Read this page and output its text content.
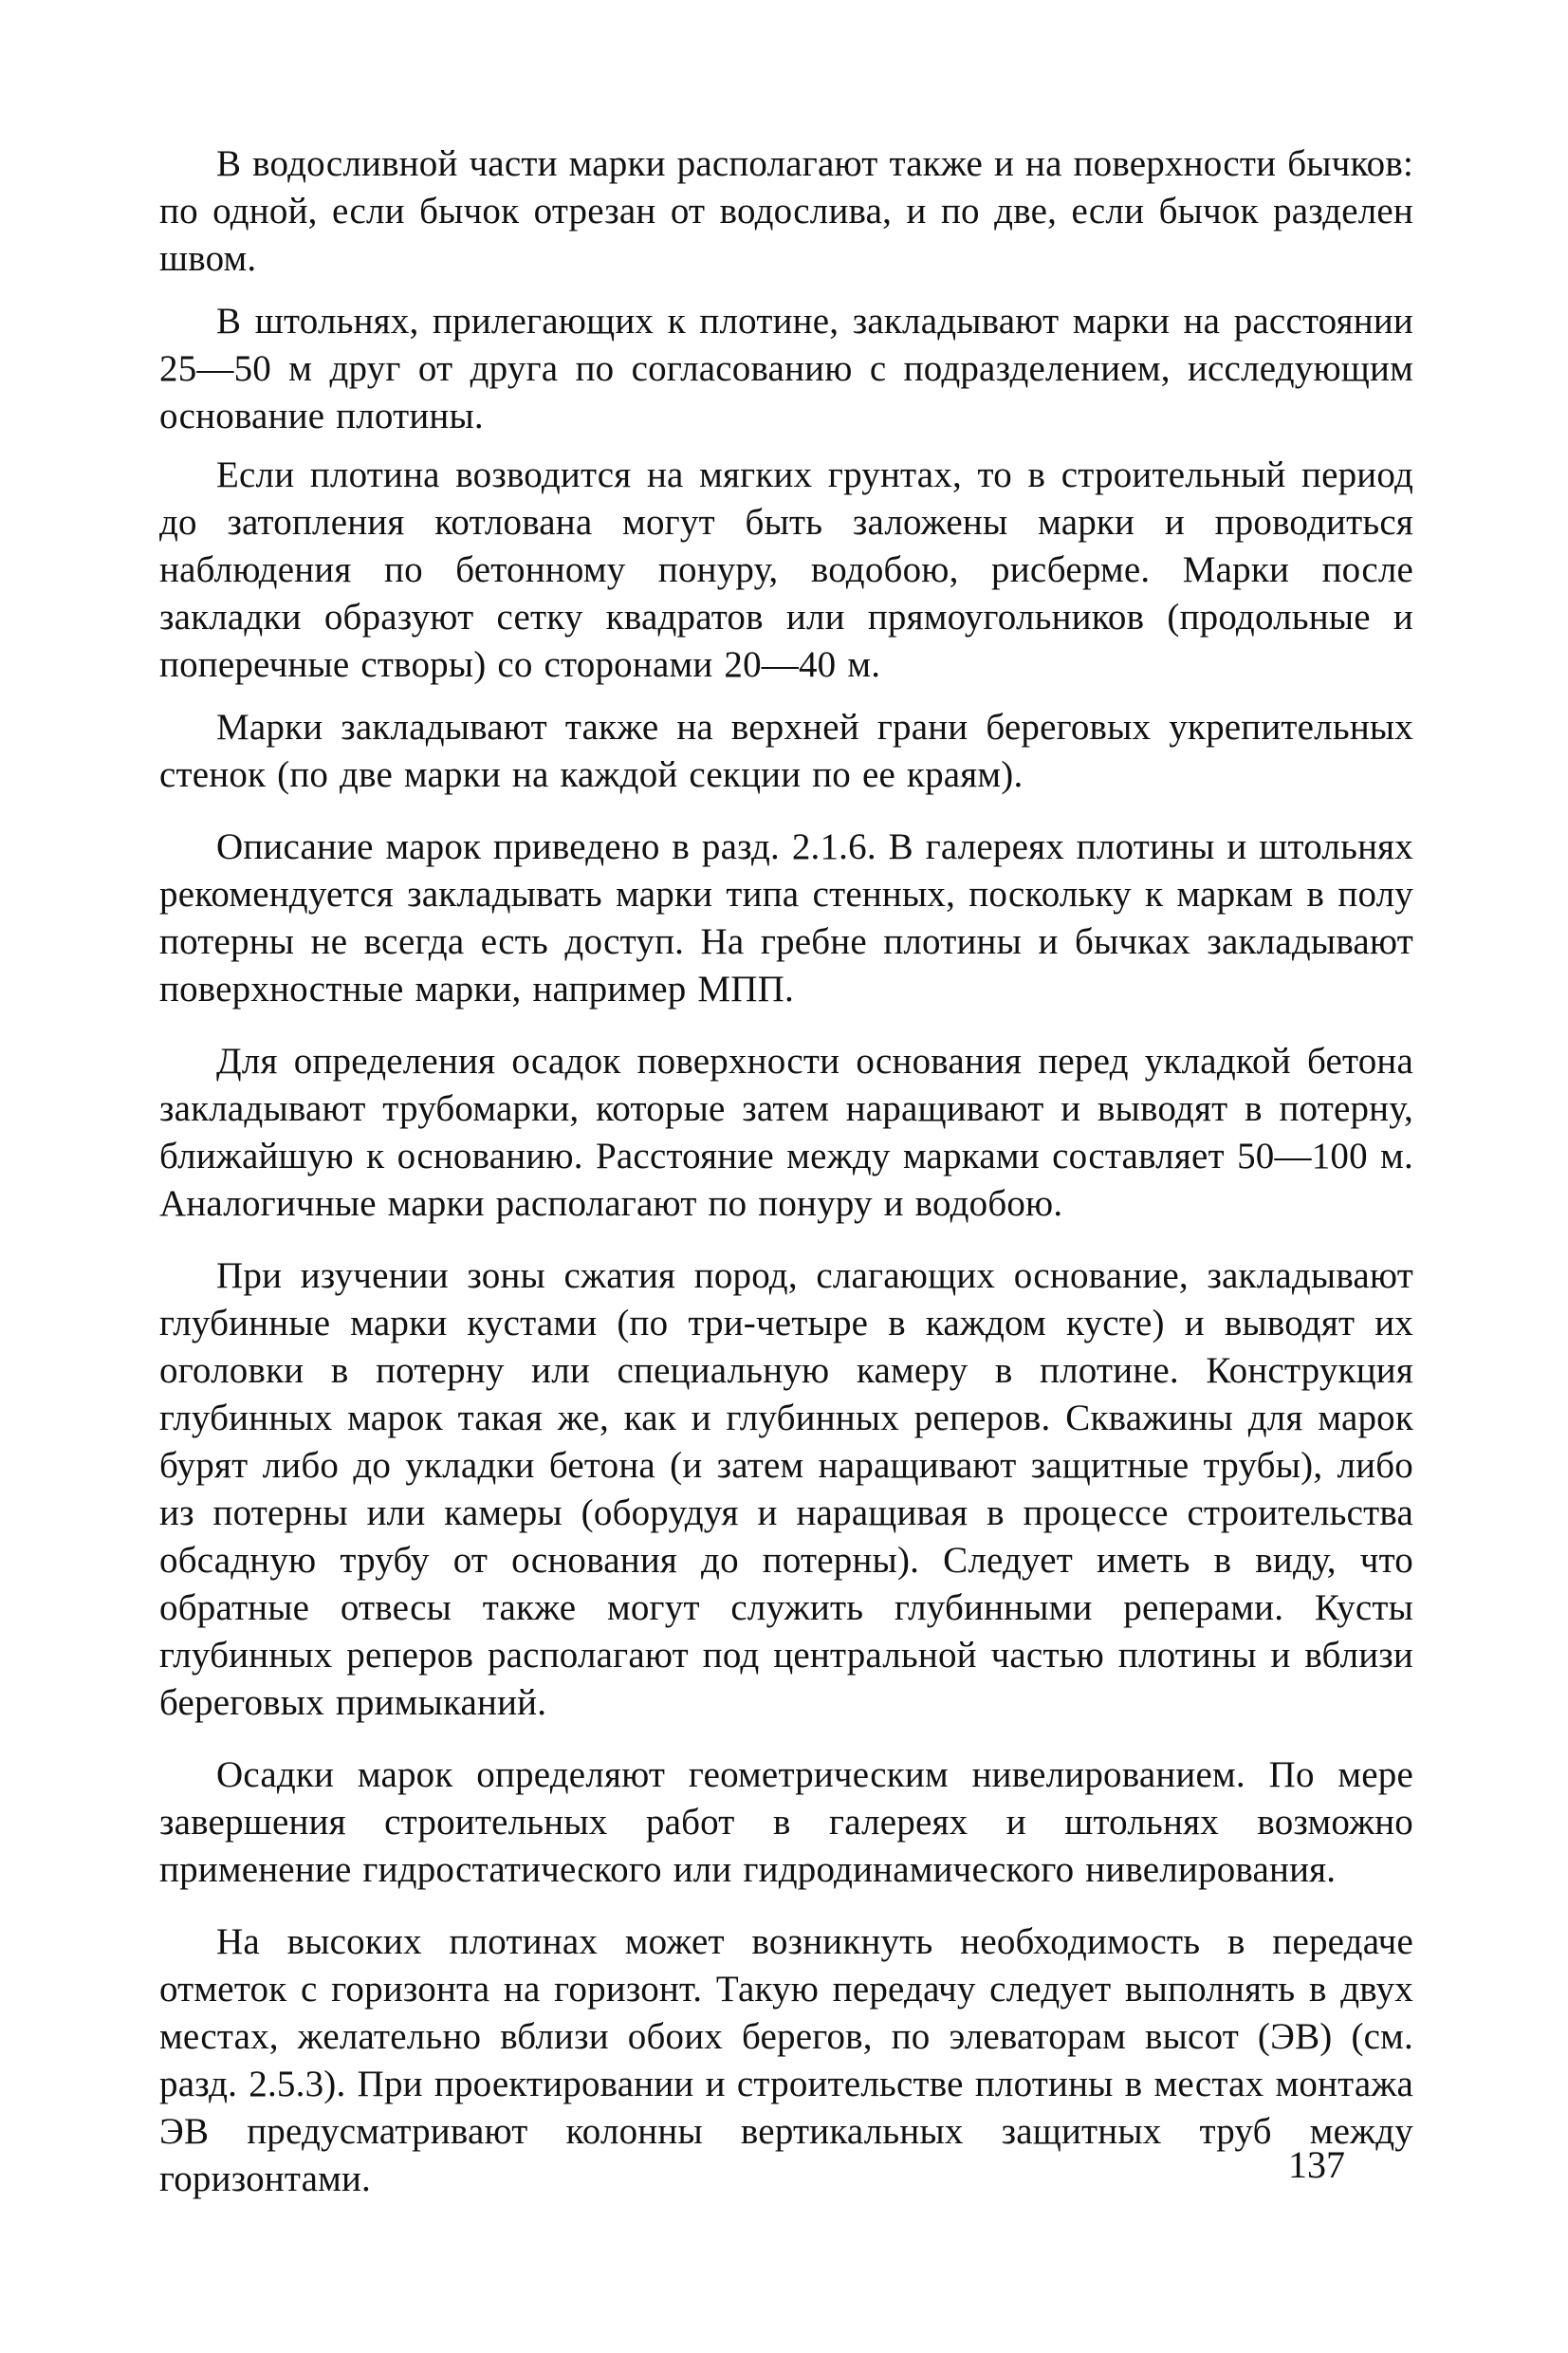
В водосливной части марки располагают также и на поверхности бычков: по одной, если бычок отрезан от водослива, и по две, если бычок разделен швом.

В штольнях, прилегающих к плотине, закладывают марки на расстоянии 25—50 м друг от друга по согласованию с подразделением, исследующим основание плотины.

Если плотина возводится на мягких грунтах, то в строительный период до затопления котлована могут быть заложены марки и проводиться наблюдения по бетонному понуру, водобою, рисберме. Марки после закладки образуют сетку квадратов или прямоугольников (продольные и поперечные створы) со сторонами 20—40 м.

Марки закладывают также на верхней грани береговых укрепительных стенок (по две марки на каждой секции по ее краям).

Описание марок приведено в разд. 2.1.6. В галереях плотины и штольнях рекомендуется закладывать марки типа стенных, поскольку к маркам в полу потерны не всегда есть доступ. На гребне плотины и бычках закладывают поверхностные марки, например МПП.

Для определения осадок поверхности основания перед укладкой бетона закладывают трубомарки, которые затем наращивают и выводят в потерну, ближайшую к основанию. Расстояние между марками составляет 50—100 м. Аналогичные марки располагают по понуру и водобою.

При изучении зоны сжатия пород, слагающих основание, закладывают глубинные марки кустами (по три-четыре в каждом кусте) и выводят их оголовки в потерну или специальную камеру в плотине. Конструкция глубинных марок такая же, как и глубинных реперов. Скважины для марок бурят либо до укладки бетона (и затем наращивают защитные трубы), либо из потерны или камеры (оборудуя и наращивая в процессе строительства обсадную трубу от основания до потерны). Следует иметь в виду, что обратные отвесы также могут служить глубинными реперами. Кусты глубинных реперов располагают под центральной частью плотины и вблизи береговых примыканий.

Осадки марок определяют геометрическим нивелированием. По мере завершения строительных работ в галереях и штольнях возможно применение гидростатического или гидродинамического нивелирования.

На высоких плотинах может возникнуть необходимость в передаче отметок с горизонта на горизонт. Такую передачу следует выполнять в двух местах, желательно вблизи обоих берегов, по элеваторам высот (ЭВ) (см. разд. 2.5.3). При проектировании и строительстве плотины в местах монтажа ЭВ предусматривают колонны вертикальных защитных труб между горизонтами.	137
